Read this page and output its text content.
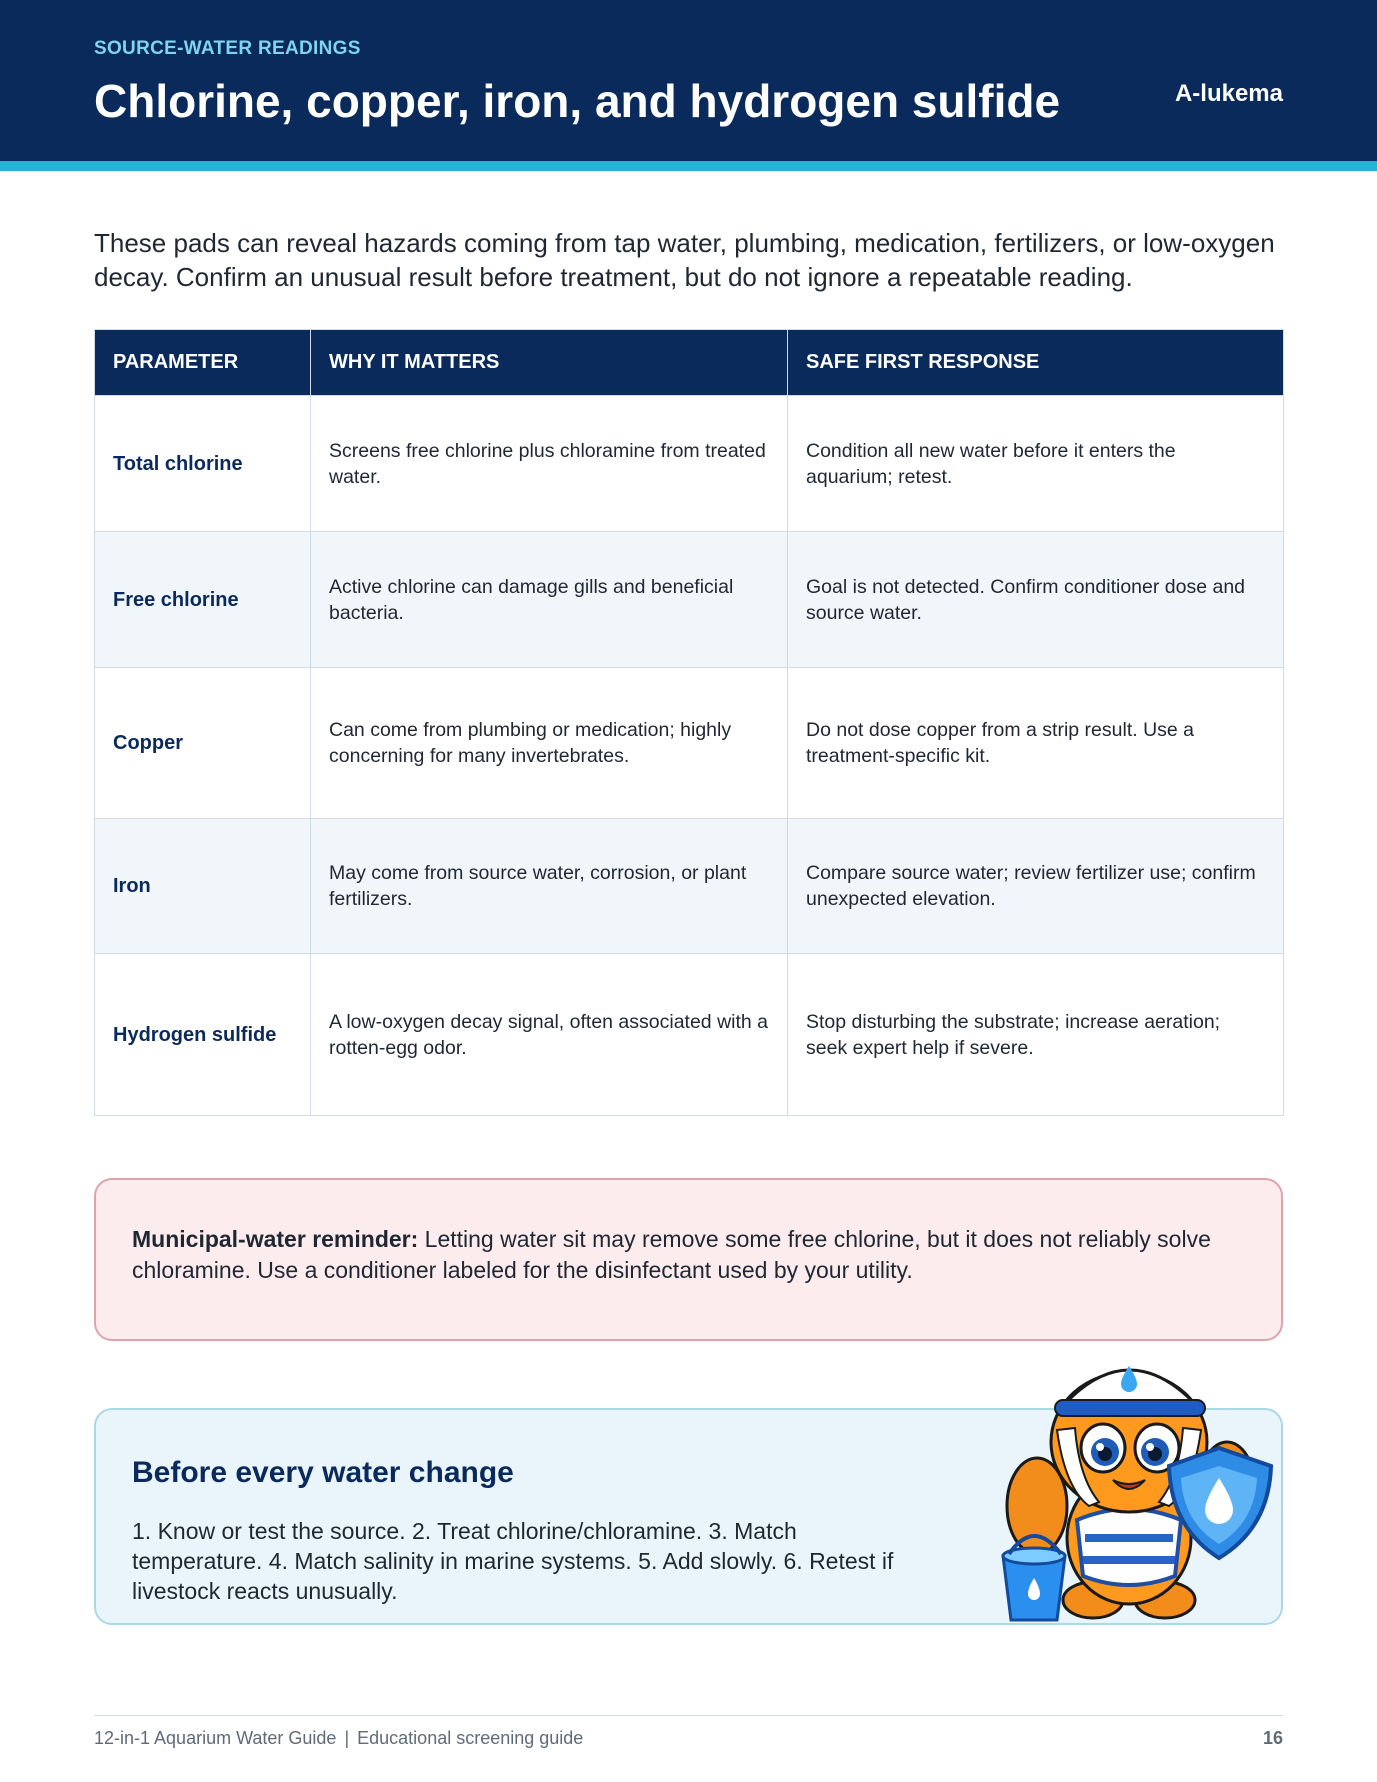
SOURCE-WATER READINGS
Chlorine, copper, iron, and hydrogen sulfide	A-lukema

These pads can reveal hazards coming from tap water, plumbing, medication, fertilizers, or low-oxygen decay. Confirm an unusual result before treatment, but do not ignore a repeatable reading.

PARAMETER	WHY IT MATTERS	SAFE FIRST RESPONSE
Total chlorine	Screens free chlorine plus chloramine from treated water.	Condition all new water before it enters the aquarium; retest.
Free chlorine	Active chlorine can damage gills and beneficial bacteria.	Goal is not detected. Confirm conditioner dose and source water.
Copper	Can come from plumbing or medication; highly concerning for many invertebrates.	Do not dose copper from a strip result. Use a treatment-specific kit.
Iron	May come from source water, corrosion, or plant fertilizers.	Compare source water; review fertilizer use; confirm unexpected elevation.
Hydrogen sulfide	A low-oxygen decay signal, often associated with a rotten-egg odor.	Stop disturbing the substrate; increase aeration; seek expert help if severe.
Municipal-water reminder: Letting water sit may remove some free chlorine, but it does not reliably solve chloramine. Use a conditioner labeled for the disinfectant used by your utility.
Before every water change

1. Know or test the source. 2. Treat chlorine/chloramine. 3. Match temperature. 4. Match salinity in marine systems. 5. Add slowly. 6. Retest if livestock reacts unusually.

12-in-1 Aquarium Water Guide | Educational screening guide	16
